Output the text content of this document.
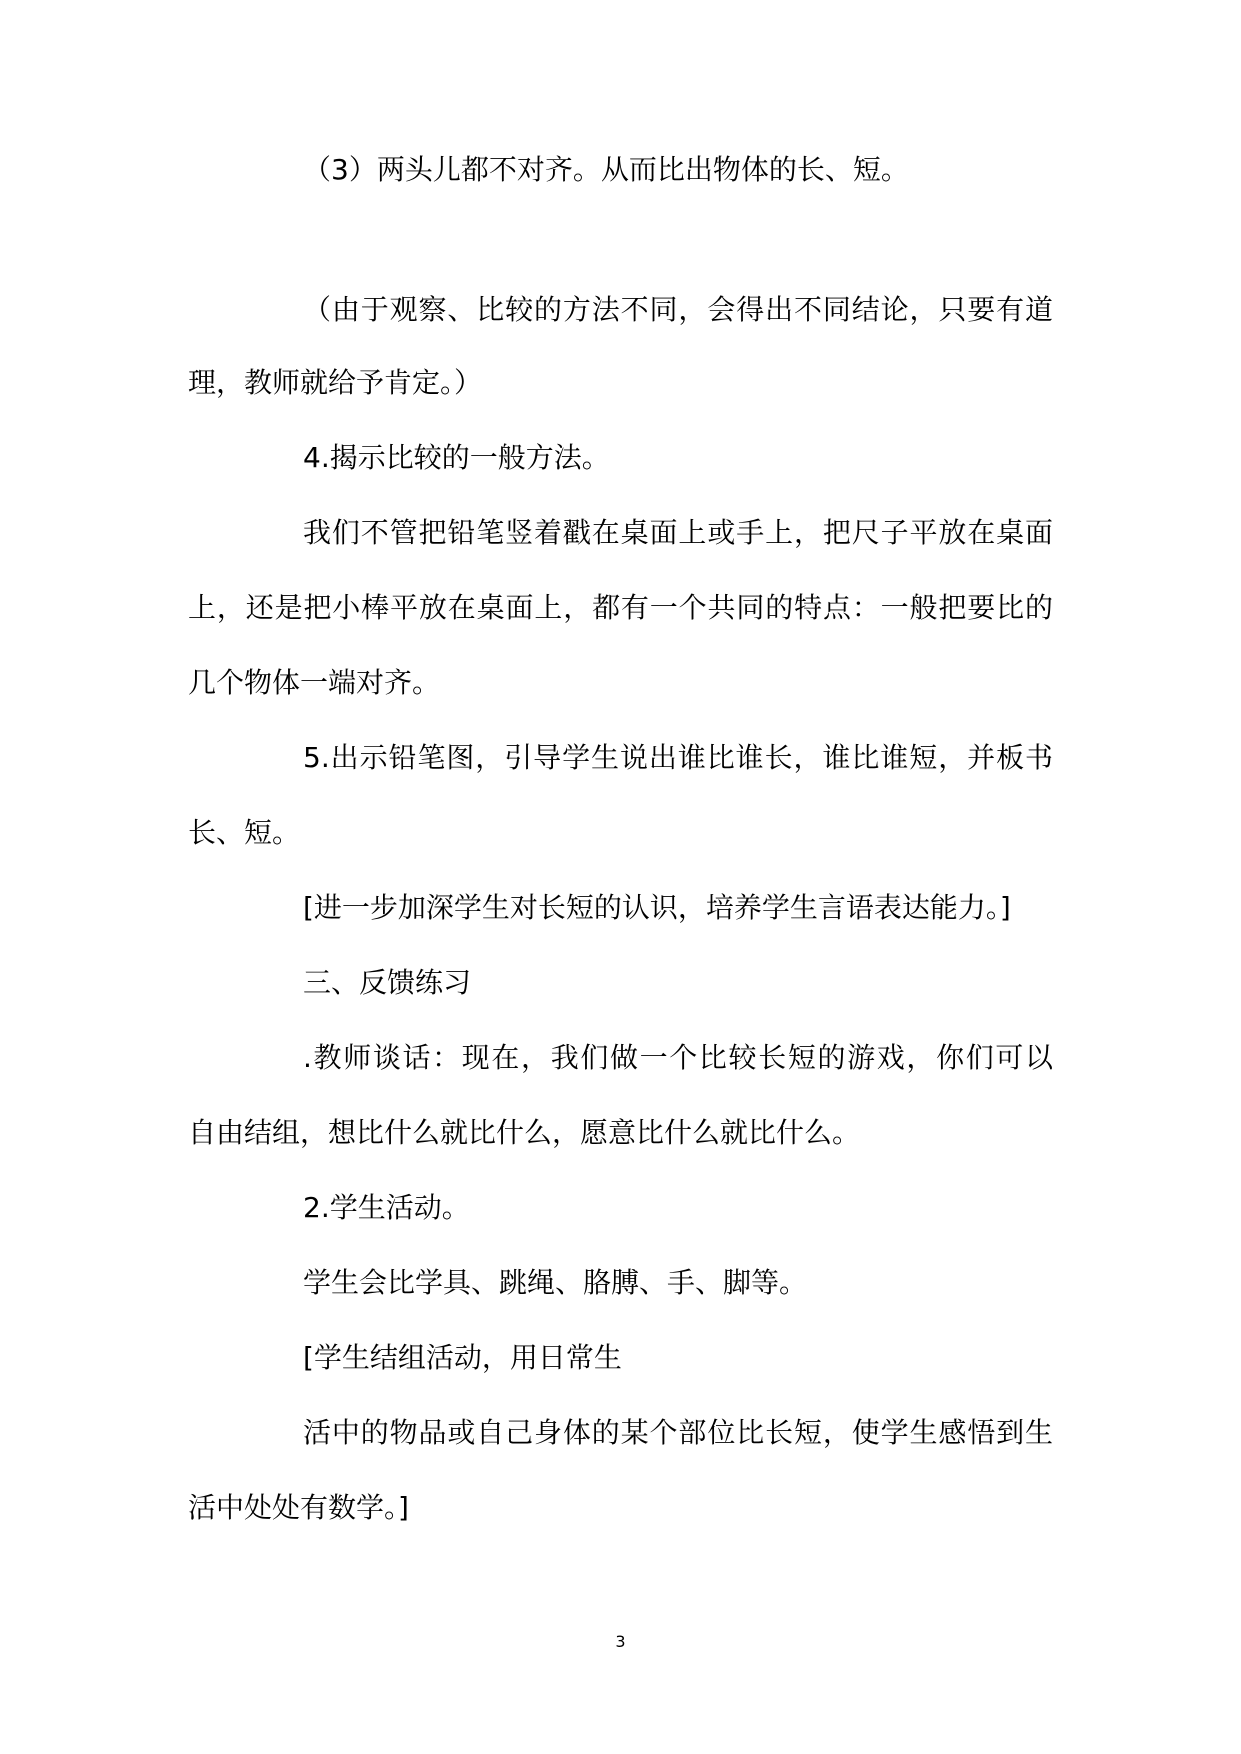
（3）两头儿都不对齐。从而比出物体的长、短。
（由于观察、比较的方法不同，会得出不同结论，只要有道
理，教师就给予肯定。）
4.揭示比较的一般方法。
我们不管把铅笔竖着戳在桌面上或手上，把尺子平放在桌面
上，还是把小棒平放在桌面上，都有一个共同的特点：一般把要比的
几个物体一端对齐。
5.出示铅笔图，引导学生说出谁比谁长，谁比谁短，并板书
长、短。
[进一步加深学生对长短的认识，培养学生言语表达能力。]
三、反馈练习
.教师谈话：现在，我们做一个比较长短的游戏，你们可以
自由结组，想比什么就比什么，愿意比什么就比什么。
2.学生活动。
学生会比学具、跳绳、胳膊、手、脚等。
[学生结组活动，用日常生
活中的物品或自己身体的某个部位比长短，使学生感悟到生
活中处处有数学。]
3
